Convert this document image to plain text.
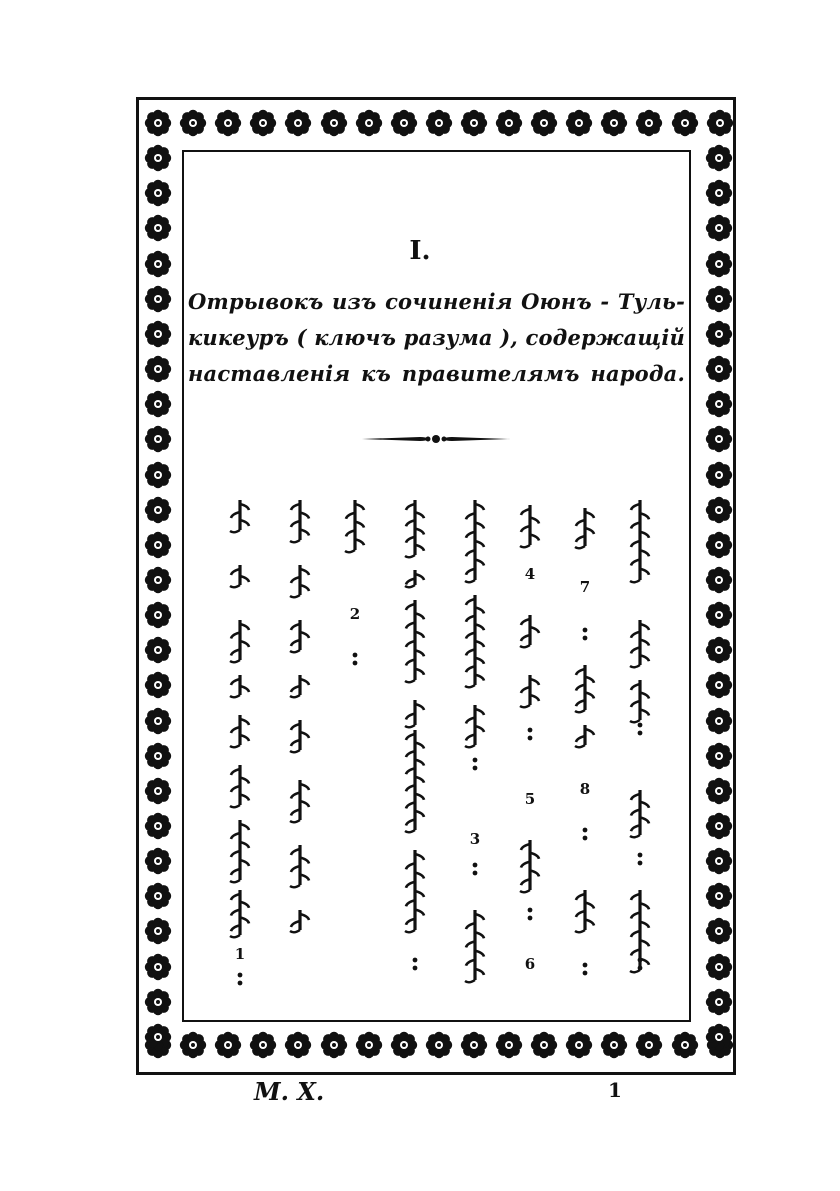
I.
Отрывокъ изъ сочиненія Оюнъ - Туль-
кикеуръ ( ключъ разума ), содержащій
наставленія къ правителямъ народа.
7
8
4
5
6
3
2
1
М. Х.	1
